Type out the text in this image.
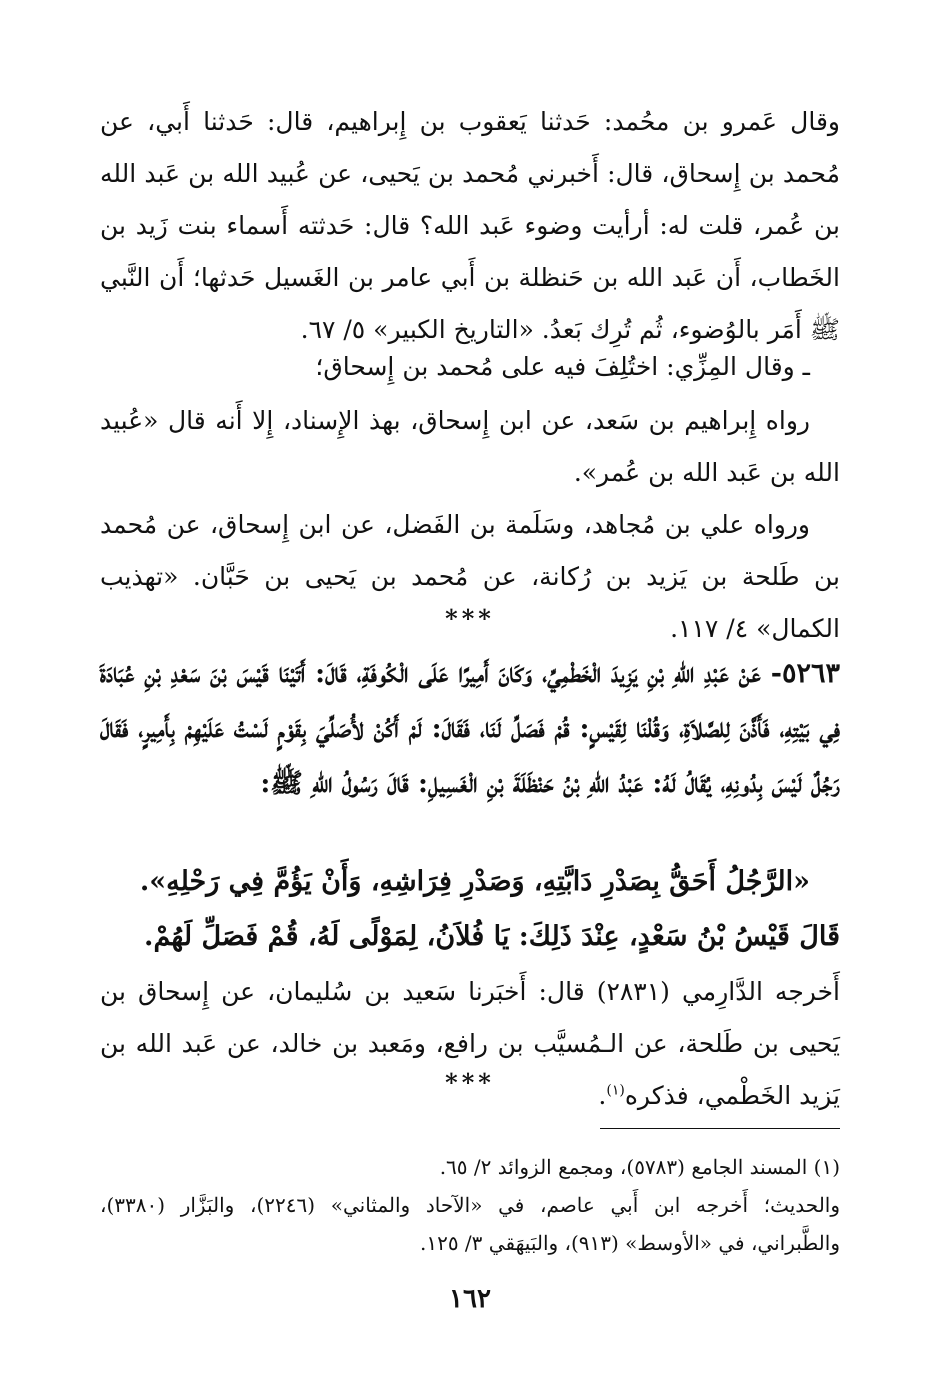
وقال عَمرو بن محُمد: حَدثنا يَعقوب بن إِبراهيم، قال: حَدثنا أَبي، عن مُحمد بن إِسحاق، قال: أَخبرني مُحمد بن يَحيى، عن عُبيد الله بن عَبد الله بن عُمر، قلت له: أرأيت وضوء عَبد الله؟ قال: حَدثته أَسماء بنت زَيد بن الخَطاب، أَن عَبد الله بن حَنظلة بن أَبي عامر بن الغَسيل حَدثها؛ أَن النَّبي ﷺ أَمَر بالوُضوء، ثُم تُرِك بَعدُ. «التاريخ الكبير» ٥/ ٦٧.

ـ وقال المِزِّي: اختُلِفَ فيه على مُحمد بن إِسحاق؛

رواه إِبراهيم بن سَعد، عن ابن إِسحاق، بهذ الإِسناد، إِلا أَنه قال «عُبيد الله بن عَبد الله بن عُمر».

ورواه علي بن مُجاهد، وسَلَمة بن الفَضل، عن ابن إِسحاق، عن مُحمد بن طَلحة بن يَزيد بن رُكانة، عن مُحمد بن يَحيى بن حَبَّان. «تهذيب الكمال» ٤/ ١١٧.

***

٥٢٦٣- عَنْ عَبْدِ اللهِ بْنِ يَزِيدَ الْخَطْمِيِّ، وَكَانَ أَمِيرًا عَلَى الْكُوفَةِ، قَالَ: أَتَيْنَا قَيْسَ بْنَ سَعْدِ بْنِ عُبَادَةَ فِي بَيْتِهِ، فَأَذَّنَ لِلصَّلاَةِ، وَقُلْنَا لِقَيْسٍ: قُمْ فَصَلِّ لَنَا، فَقَالَ: لَمْ أَكُنْ لأُصَلِّيَ بِقَوْمٍ لَسْتُ عَلَيْهِمْ بِأَمِيرٍ، فَقَالَ رَجُلٌ لَيْسَ بِدُونِهِ، يُقَالُ لَهُ: عَبْدُ اللهِ بْنُ حَنْظَلَةَ بْنِ الْغَسِيلِ: قَالَ رَسُولُ اللهِ ﷺ:

«الرَّجُلُ أَحَقُّ بِصَدْرِ دَابَّتِهِ، وَصَدْرِ فِرَاشِهِ، وَأَنْ يَؤُمَّ فِي رَحْلِهِ».

قَالَ قَيْسُ بْنُ سَعْدٍ، عِنْدَ ذَلِكَ: يَا فُلاَنُ، لِمَوْلًى لَهُ، قُمْ فَصَلِّ لَهُمْ.

أَخرجه الدَّارِمي (٢٨٣١) قال: أَخبَرنا سَعيد بن سُليمان، عن إِسحاق بن يَحيى بن طَلحة، عن الـمُسيَّب بن رافع، ومَعبد بن خالد، عن عَبد الله بن يَزيد الخَطْمي، فذكره$^{(١)}$.

***

(١) المسند الجامع (٥٧٨٣)، ومجمع الزوائد ٢/ ٦٥.

والحديث؛ أَخرجه ابن أَبي عاصم، في «الآحاد والمثاني» (٢٢٤٦)، والبَزَّار (٣٣٨٠)، والطَّبراني، في «الأوسط» (٩١٣)، والبَيهَقي ٣/ ١٢٥.

١٦٢
